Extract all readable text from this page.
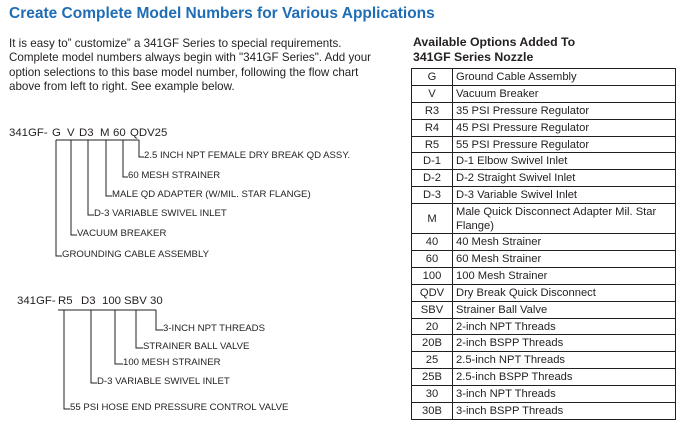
Create Complete Model Numbers for Various Applications

It is easy to” customize” a 341GF Series to special requirements. Complete model numbers always begin with "341GF Series". Add your option selections to this base model number, following the flow chart above from left to right. See example below.

341GF- G V D3 M 60 QDV25
2.5 INCH NPT FEMALE DRY BREAK QD ASSY.
60 MESH STRAINER
MALE QD ADAPTER (W/MIL. STAR FLANGE)
D-3 VARIABLE SWIVEL INLET
VACUUM BREAKER
GROUNDING CABLE ASSEMBLY
341GF- R5 D3 100 SBV 30
3-INCH NPT THREADS
STRAINER BALL VALVE
100 MESH STRAINER
D-3 VARIABLE SWIVEL INLET
55 PSI HOSE END PRESSURE CONTROL VALVE
Available Options Added To
341GF Series Nozzle
G	Ground Cable Assembly
V	Vacuum Breaker
R3	35 PSI Pressure Regulator
R4	45 PSI Pressure Regulator
R5	55 PSI Pressure Regulator
D-1	D-1 Elbow Swivel Inlet
D-2	D-2 Straight Swivel Inlet
D-3	D-3 Variable Swivel Inlet
M	Male Quick Disconnect Adapter Mil. Star Flange)
40	40 Mesh Strainer
60	60 Mesh Strainer
100	100 Mesh Strainer
QDV	Dry Break Quick Disconnect
SBV	Strainer Ball Valve
20	2-inch NPT Threads
20B	2-inch BSPP Threads
25	2.5-inch NPT Threads
25B	2.5-inch BSPP Threads
30	3-inch NPT Threads
30B	3-inch BSPP Threads
